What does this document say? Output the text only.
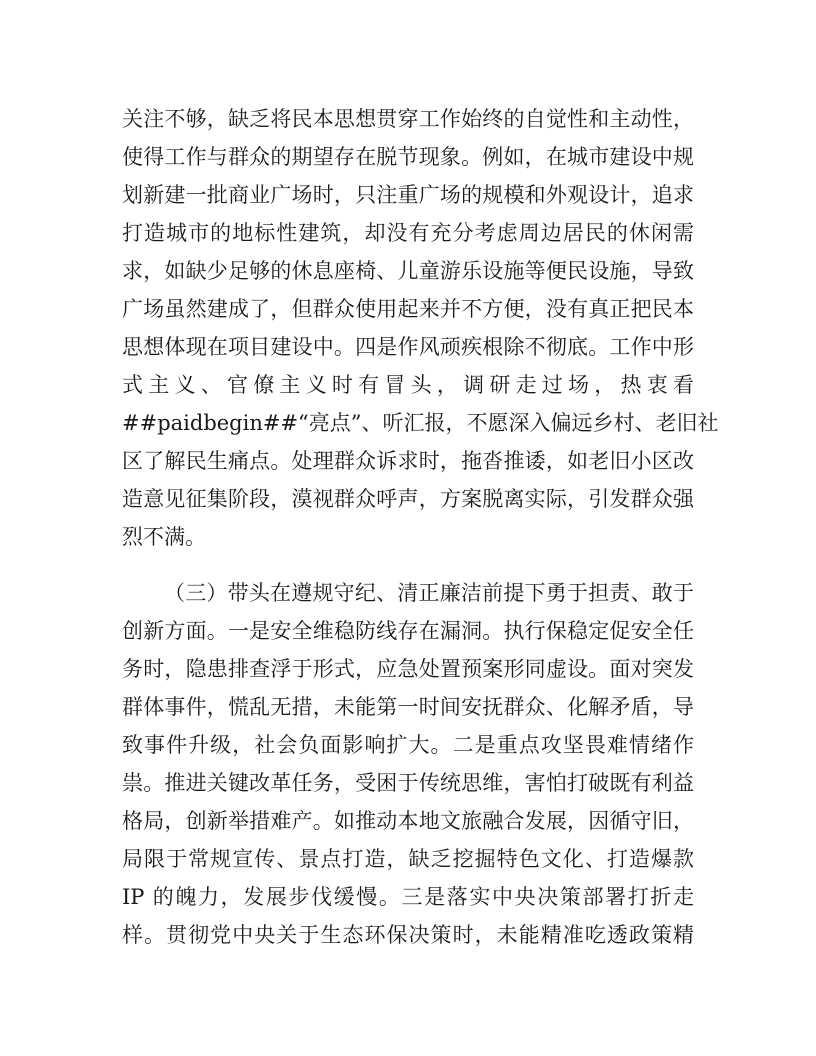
关注不够，缺乏将民本思想贯穿工作始终的自觉性和主动性，
使得工作与群众的期望存在脱节现象。例如，在城市建设中规
划新建一批商业广场时，只注重广场的规模和外观设计，追求
打造城市的地标性建筑，却没有充分考虑周边居民的休闲需
求，如缺少足够的休息座椅、儿童游乐设施等便民设施，导致
广场虽然建成了，但群众使用起来并不方便，没有真正把民本
思想体现在项目建设中。四是作风顽疾根除不彻底。工作中形
式主义、官僚主义时有冒头，调研走过场，热衷看
##paidbegin##“亮点”、听汇报，不愿深入偏远乡村、老旧社
区了解民生痛点。处理群众诉求时，拖沓推诿，如老旧小区改
造意见征集阶段，漠视群众呼声，方案脱离实际，引发群众强
烈不满。
（三）带头在遵规守纪、清正廉洁前提下勇于担责、敢于
创新方面。一是安全维稳防线存在漏洞。执行保稳定促安全任
务时，隐患排查浮于形式，应急处置预案形同虚设。面对突发
群体事件，慌乱无措，未能第一时间安抚群众、化解矛盾，导
致事件升级，社会负面影响扩大。二是重点攻坚畏难情绪作
祟。推进关键改革任务，受困于传统思维，害怕打破既有利益
格局，创新举措难产。如推动本地文旅融合发展，因循守旧，
局限于常规宣传、景点打造，缺乏挖掘特色文化、打造爆款
IP 的魄力，发展步伐缓慢。三是落实中央决策部署打折走
样。贯彻党中央关于生态环保决策时，未能精准吃透政策精
